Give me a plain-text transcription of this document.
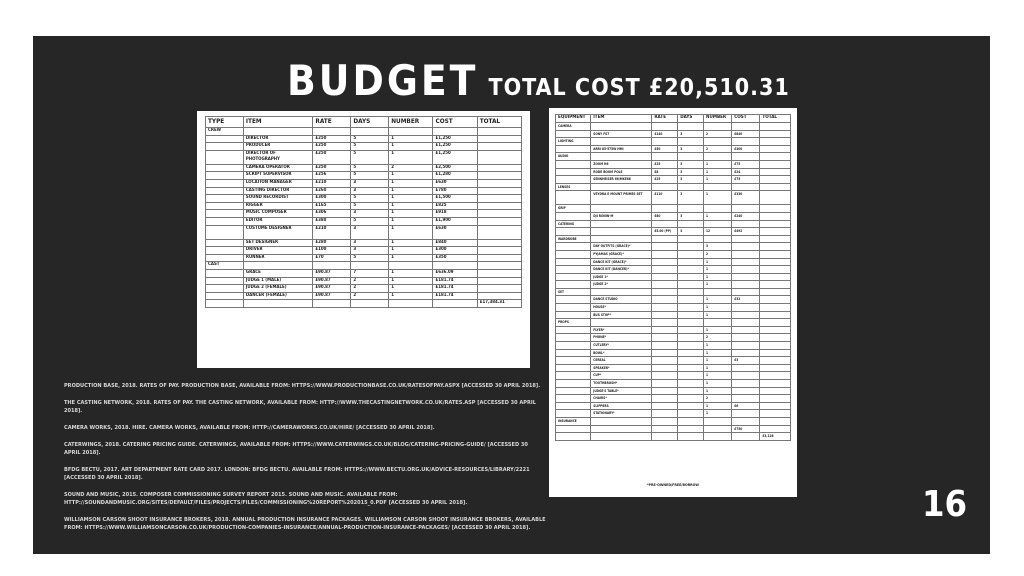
BUDGET TOTAL COST £20,510.31
TYPE	ITEM	RATE	DAYS	NUMBER	COST	TOTAL
CREW						
	DIRECTOR	£250	5	1	£1,250	
	PRODUCER	£250	5	1	£1,250	
	DIRECTOR OF PHOTOGRAPHY	£250	5	1	£1,250	
	CAMERA OPERATOR	£250	5	2	£2,500	
	SCRIPT SUPERVISOR	£256	5	1	£1,280	
	LOCATION MANAGER	£210	3	1	£630	
	CASTING DIRECTOR	£260	3	1	£780	
	SOUND RECORDIST	£300	5	1	£1,500	
	RIGGER	£165	5	1	£825	
	MUSIC COMPOSER	£306	3	1	£918	
	EDITOR	£380	5	1	£1,900	
	COSTUME DESIGNER	£210	3	1	£630	
	SET DESIGNER	£280	3	1	£840	
	DRIVER	£100	3	1	£300	
	RUNNER	£70	5	1	£350	
CAST						
	GRACE	£90.87	7	1	£636.09	
	JUDGE 1 (MALE)	£90.87	2	1	£181.74	
	JUDGE 2 (FEMALE)	£90.87	2	1	£181.74	
	DANCER (FEMALE)	£90.87	2	1	£181.74	
						£17,384.31
EQUIPMENT	ITEM	RATE	DAYS	NUMBER	COST	TOTAL
CAMERA						
	SONY FS7	£140	3	2	£840	
LIGHTING						
	ARRI 85-575W HMI	£50	3	2	£300	
AUDIO						
	ZOOM H6	£25	3	1	£75	
	RODE BOOM POLE	£8	3	1	£24	
	SENNHEISER 66/MKE66	£25	3	1	£75	
LENSES						
	VEYDRA E MOUNT PRIMES SET	£110	3	1	£330	
GRIP						
	DJI RONIN-M	£80	3	1	£240	
CATERING						
		£5.00 (PP)	3	12	£492	
WARDROBE						
	DAY OUTFITS (GRACE)*			3		
	PYJAMAS (GRACE)*			2		
	DANCE KIT (GRACE)*			1		
	DANCE KIT (DANCER)*			1		
	JUDGE 1*			1		
	JUDGE 2*			1		
SET						
	DANCE STUDIO			1	£32	
	HOUSE*			1		
	BUS STOP*			1		
PROPS						
	FLYER*			1		
	PHONE*			2		
	CUTLERY*			1		
	BOWL*			1		
	CEREAL			1	£3	
	SPEAKER*			1		
	CUP*			1		
	TOOTHBRUSH*			1		
	JUDGE'S TABLE*			1		
	CHAIRS*			2		
	SLIPPERS			1	£6	
	STATIONARY*			1		
INSURANCE						
					£750	
						£3,126
*PRE-OWNED/FREE/BORROW

PRODUCTION BASE, 2018. RATES OF PAY. PRODUCTION BASE, AVAILABLE FROM: HTTPS://WWW.PRODUCTIONBASE.CO.UK/RATESOFPAY.ASPX [ACCESSED 30 APRIL 2018].

THE CASTING NETWORK, 2018. RATES OF PAY. THE CASTING NETWORK, AVAILABLE FROM: HTTP://WWW.THECASTINGNETWORK.CO.UK/RATES.ASP [ACCESSED 30 APRIL 2018].

CAMERA WORKS, 2018. HIRE. CAMERA WORKS, AVAILABLE FROM: HTTP://CAMERAWORKS.CO.UK/HIRE/ [ACCESSED 30 APRIL 2018].

CATERWINGS, 2018. CATERING PRICING GUIDE. CATERWINGS, AVAILABLE FROM: HTTPS://WWW.CATERWINGS.CO.UK/BLOG/CATERING-PRICING-GUIDE/ [ACCESSED 30 APRIL 2018].

BFDG BECTU, 2017. ART DEPARTMENT RATE CARD 2017. LONDON: BFDG BECTU. AVAILABLE FROM: HTTPS://WWW.BECTU.ORG.UK/ADVICE-RESOURCES/LIBRARY/2221 [ACCESSED 30 APRIL 2018].

SOUND AND MUSIC, 2015. COMPOSER COMMISSIONING SURVEY REPORT 2015. SOUND AND MUSIC. AVAILABLE FROM: HTTP://SOUNDANDMUSIC.ORG/SITES/DEFAULT/FILES/PROJECTS/FILES/COMMISSIONING%20REPORT%202015_0.PDF [ACCESSED 30 APRIL 2018].

WILLIAMSON CARSON SHOOT INSURANCE BROKERS, 2018. ANNUAL PRODUCTION INSURANCE PACKAGES. WILLIAMSON CARSON SHOOT INSURANCE BROKERS, AVAILABLE FROM: HTTPS://WWW.WILLIAMSONCARSON.CO.UK/PRODUCTION-COMPANIES-INSURANCE/ANNUAL-PRODUCTION-INSURANCE-PACKAGES/ [ACCESSED 30 APRIL 2018].

16
